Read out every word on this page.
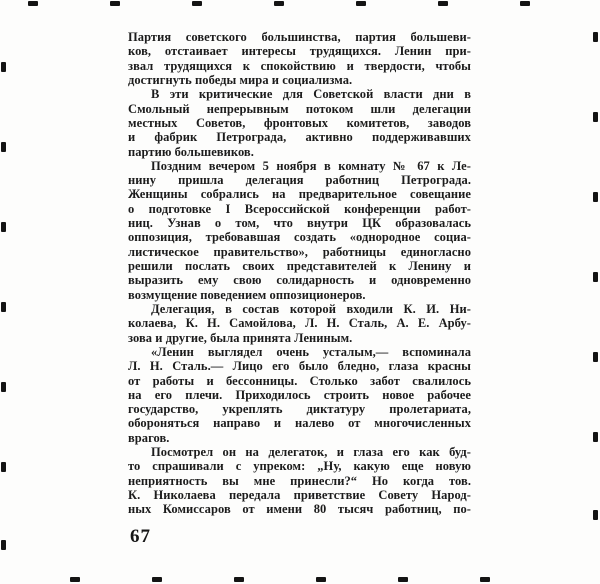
Партия советского большинства, партия большеви-
ков, отстаивает интересы трудящихся. Ленин при-
звал трудящихся к спокойствию и твердости, чтобы
достигнуть победы мира и социализма.
В эти критические для Советской власти дни в
Смольный непрерывным потоком шли делегации
местных Советов, фронтовых комитетов, заводов
и фабрик Петрограда, активно поддерживавших
партию большевиков.
Поздним вечером 5 ноября в комнату № 67 к Ле-
нину пришла делегация работниц Петрограда.
Женщины собрались на предварительное совещание
о подготовке I Всероссийской конференции работ-
ниц. Узнав о том, что внутри ЦК образовалась
оппозиция, требовавшая создать «однородное социа-
листическое правительство», работницы единогласно
решили послать своих представителей к Ленину и
выразить ему свою солидарность и одновременно
возмущение поведением оппозиционеров.
Делегация, в состав которой входили К. И. Ни-
колаева, К. Н. Самойлова, Л. Н. Сталь, А. Е. Арбу-
зова и другие, была принята Лениным.
«Ленин выглядел очень усталым,— вспоминала
Л. Н. Сталь.— Лицо его было бледно, глаза красны
от работы и бессонницы. Столько забот свалилось
на его плечи. Приходилось строить новое рабочее
государство, укреплять диктатуру пролетариата,
обороняться направо и налево от многочисленных
врагов.
Посмотрел он на делегаток, и глаза его как буд-
то спрашивали с упреком: „Ну, какую еще новую
неприятность вы мне принесли?“ Но когда тов.
К. Николаева передала приветствие Совету Народ-
ных Комиссаров от имени 80 тысяч работниц, по-
67
